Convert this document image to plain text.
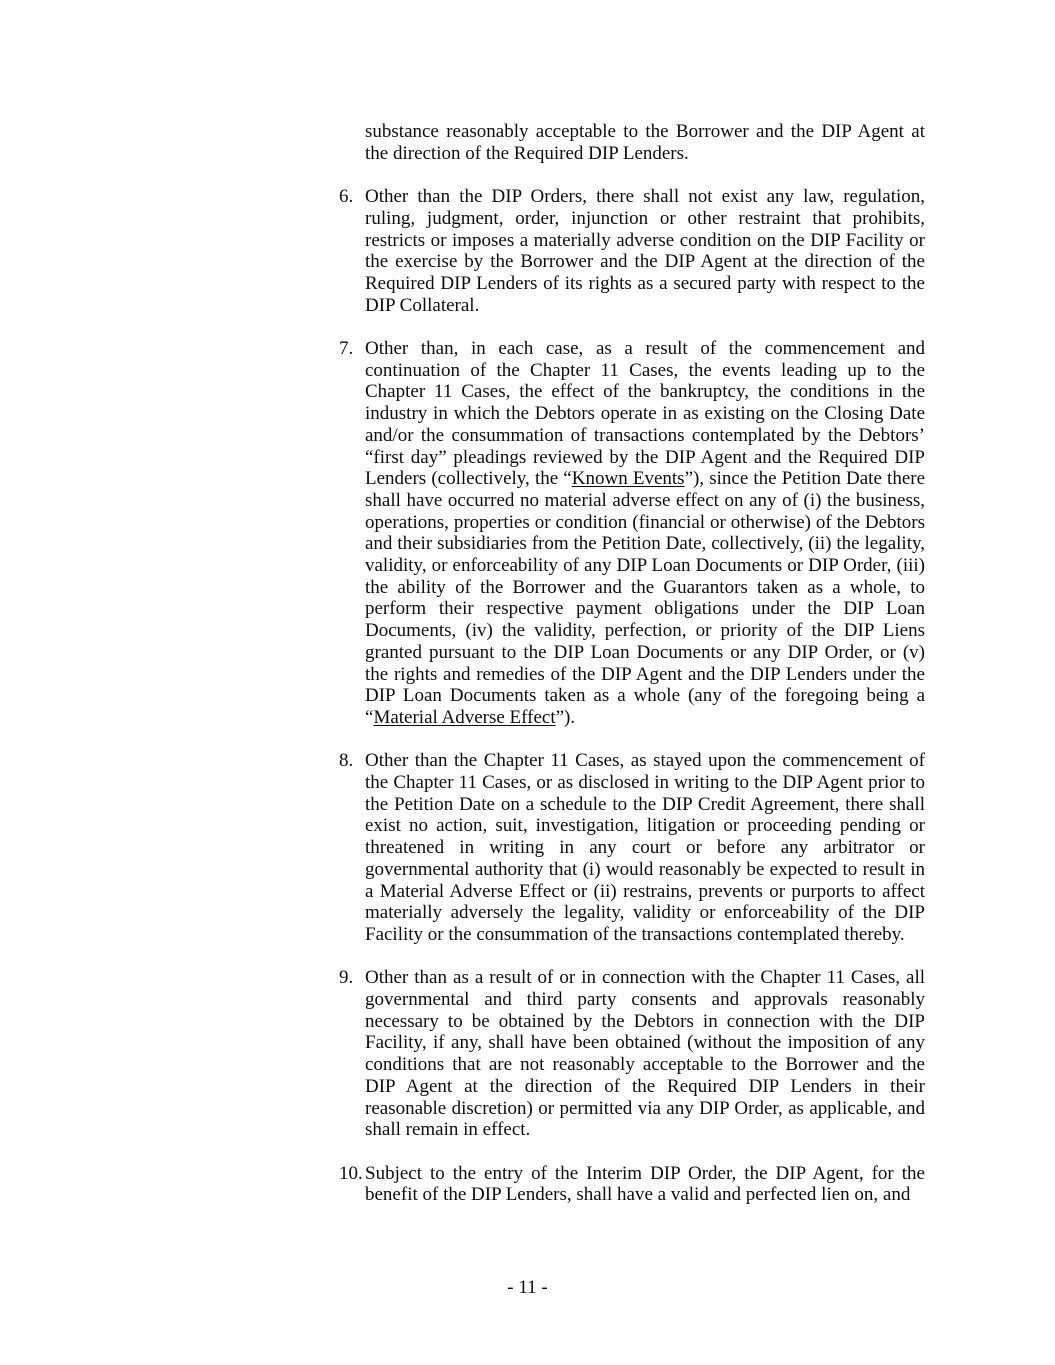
substance reasonably acceptable to the Borrower and the DIP Agent at the direction of the Required DIP Lenders.

6. Other than the DIP Orders, there shall not exist any law, regulation, ruling, judgment, order, injunction or other restraint that prohibits, restricts or imposes a materially adverse condition on the DIP Facility or the exercise by the Borrower and the DIP Agent at the direction of the Required DIP Lenders of its rights as a secured party with respect to the DIP Collateral.

7. Other than, in each case, as a result of the commencement and continuation of the Chapter 11 Cases, the events leading up to the Chapter 11 Cases, the effect of the bankruptcy, the conditions in the industry in which the Debtors operate in as existing on the Closing Date and/or the consummation of transactions contemplated by the Debtors’ “first day” pleadings reviewed by the DIP Agent and the Required DIP Lenders (collectively, the “Known Events”), since the Petition Date there shall have occurred no material adverse effect on any of (i) the business, operations, properties or condition (financial or otherwise) of the Debtors and their subsidiaries from the Petition Date, collectively, (ii) the legality, validity, or enforceability of any DIP Loan Documents or DIP Order, (iii) the ability of the Borrower and the Guarantors taken as a whole, to perform their respective payment obligations under the DIP Loan Documents, (iv) the validity, perfection, or priority of the DIP Liens granted pursuant to the DIP Loan Documents or any DIP Order, or (v) the rights and remedies of the DIP Agent and the DIP Lenders under the DIP Loan Documents taken as a whole (any of the foregoing being a “Material Adverse Effect”).

8. Other than the Chapter 11 Cases, as stayed upon the commencement of the Chapter 11 Cases, or as disclosed in writing to the DIP Agent prior to the Petition Date on a schedule to the DIP Credit Agreement, there shall exist no action, suit, investigation, litigation or proceeding pending or threatened in writing in any court or before any arbitrator or governmental authority that (i) would reasonably be expected to result in a Material Adverse Effect or (ii) restrains, prevents or purports to affect materially adversely the legality, validity or enforceability of the DIP Facility or the consummation of the transactions contemplated thereby.

9. Other than as a result of or in connection with the Chapter 11 Cases, all governmental and third party consents and approvals reasonably necessary to be obtained by the Debtors in connection with the DIP Facility, if any, shall have been obtained (without the imposition of any conditions that are not reasonably acceptable to the Borrower and the DIP Agent at the direction of the Required DIP Lenders in their reasonable discretion) or permitted via any DIP Order, as applicable, and shall remain in effect.

10. Subject to the entry of the Interim DIP Order, the DIP Agent, for the benefit of the DIP Lenders, shall have a valid and perfected lien on, and

- 11 -
